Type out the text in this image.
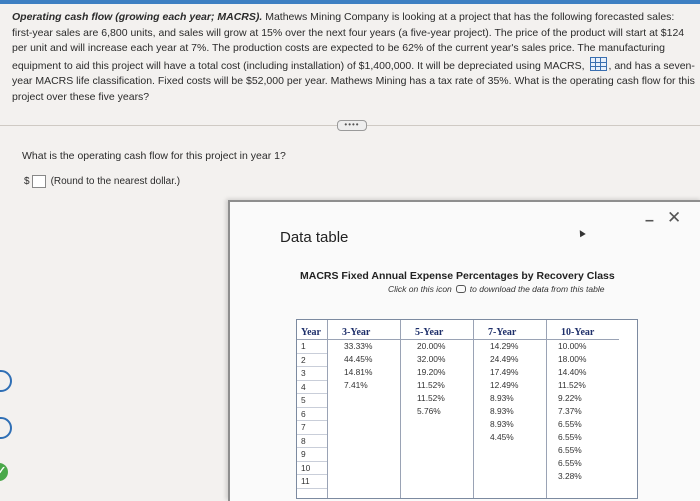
Operating cash flow (growing each year; MACRS). Mathews Mining Company is looking at a project that has the following forecasted sales: first-year sales are 6,800 units, and sales will grow at 15% over the next four years (a five-year project). The price of the product will start at $124 per unit and will increase each year at 7%. The production costs are expected to be 62% of the current year's sales price. The manufacturing equipment to aid this project will have a total cost (including installation) of $1,400,000. It will be depreciated using MACRS, , and has a seven-year MACRS life classification. Fixed costs will be $52,000 per year. Mathews Mining has a tax rate of 35%. What is the operating cash flow for this project over these five years?
••••
What is the operating cash flow for this project in year 1?
$ (Round to the nearest dollar.)
✓
Data table
– ✕
▲
MACRS Fixed Annual Expense Percentages by Recovery Class
Click on this icon to download the data from this table
Year
1
2
3
4
5
6
7
8
9
10
11
3-Year
33.33%
44.45%
14.81%
7.41%
5-Year
20.00%
32.00%
19.20%
11.52%
11.52%
5.76%
7-Year
14.29%
24.49%
17.49%
12.49%
8.93%
8.93%
8.93%
4.45%
10-Year
10.00%
18.00%
14.40%
11.52%
9.22%
7.37%
6.55%
6.55%
6.55%
6.55%
3.28%
